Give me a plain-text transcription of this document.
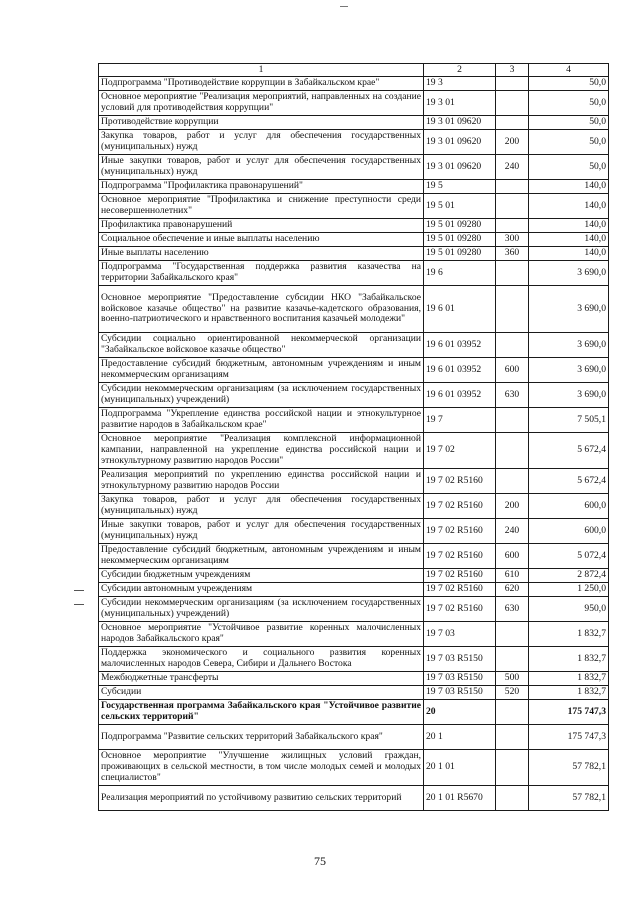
1	2	3	4
Подпрограмма "Противодействие коррупции в Забайкальском крае"	19 3		50,0
Основное мероприятие "Реализация мероприятий, направленных на создание условий для противодействия коррупции"	19 3 01		50,0
Противодействие коррупции	19 3 01 09620		50,0
Закупка товаров, работ и услуг для обеспечения государственных (муниципальных) нужд	19 3 01 09620	200	50,0
Иные закупки товаров, работ и услуг для обеспечения государственных (муниципальных) нужд	19 3 01 09620	240	50,0
Подпрограмма "Профилактика правонарушений"	19 5		140,0
Основное мероприятие "Профилактика и снижение преступности среди несовершеннолетних"	19 5 01		140,0
Профилактика правонарушений	19 5 01 09280		140,0
Социальное обеспечение и иные выплаты населению	19 5 01 09280	300	140,0
Иные выплаты населению	19 5 01 09280	360	140,0
Подпрограмма "Государственная поддержка развития казачества на территории Забайкальского края"	19 6		3 690,0
Основное мероприятие "Предоставление субсидии НКО "Забайкальское войсковое казачье общество" на развитие казачье-кадетского образования, военно-патриотического и нравственного воспитания казачьей молодежи"	19 6 01		3 690,0
Субсидии социально ориентированной некоммерческой организации "Забайкальское войсковое казачье общество"	19 6 01 03952		3 690,0
Предоставление субсидий бюджетным, автономным учреждениям и иным некоммерческим организациям	19 6 01 03952	600	3 690,0
Субсидии некоммерческим организациям (за исключением государственных (муниципальных) учреждений)	19 6 01 03952	630	3 690,0
Подпрограмма "Укрепление единства российской нации и этнокультурное развитие народов в Забайкальском крае"	19 7		7 505,1
Основное мероприятие "Реализация комплексной информационной кампании, направленной на укрепление единства российской нации и этнокультурному развитию народов России"	19 7 02		5 672,4
Реализация мероприятий по укреплению единства российской нации и этнокультурному развитию народов России	19 7 02 R5160		5 672,4
Закупка товаров, работ и услуг для обеспечения государственных (муниципальных) нужд	19 7 02 R5160	200	600,0
Иные закупки товаров, работ и услуг для обеспечения государственных (муниципальных) нужд	19 7 02 R5160	240	600,0
Предоставление субсидий бюджетным, автономным учреждениям и иным некоммерческим организациям	19 7 02 R5160	600	5 072,4
Субсидии бюджетным учреждениям	19 7 02 R5160	610	2 872,4
Субсидии автономным учреждениям	19 7 02 R5160	620	1 250,0
Субсидии некоммерческим организациям (за исключением государственных (муниципальных) учреждений)	19 7 02 R5160	630	950,0
Основное мероприятие "Устойчивое развитие коренных малочисленных народов Забайкальского края"	19 7 03		1 832,7
Поддержка экономического и социального развития коренных малочисленных народов Севера, Сибири и Дальнего Востока	19 7 03 R5150		1 832,7
Межбюджетные трансферты	19 7 03 R5150	500	1 832,7
Субсидии	19 7 03 R5150	520	1 832,7
Государственная программа Забайкальского края "Устойчивое развитие сельских территорий"	20		175 747,3
Подпрограмма "Развитие сельских территорий Забайкальского края"	20 1		175 747,3
Основное мероприятие "Улучшение жилищных условий граждан, проживающих в сельской местности, в том числе молодых семей и молодых специалистов"	20 1 01		57 782,1
Реализация мероприятий по устойчивому развитию сельских территорий	20 1 01 R5670		57 782,1
75
